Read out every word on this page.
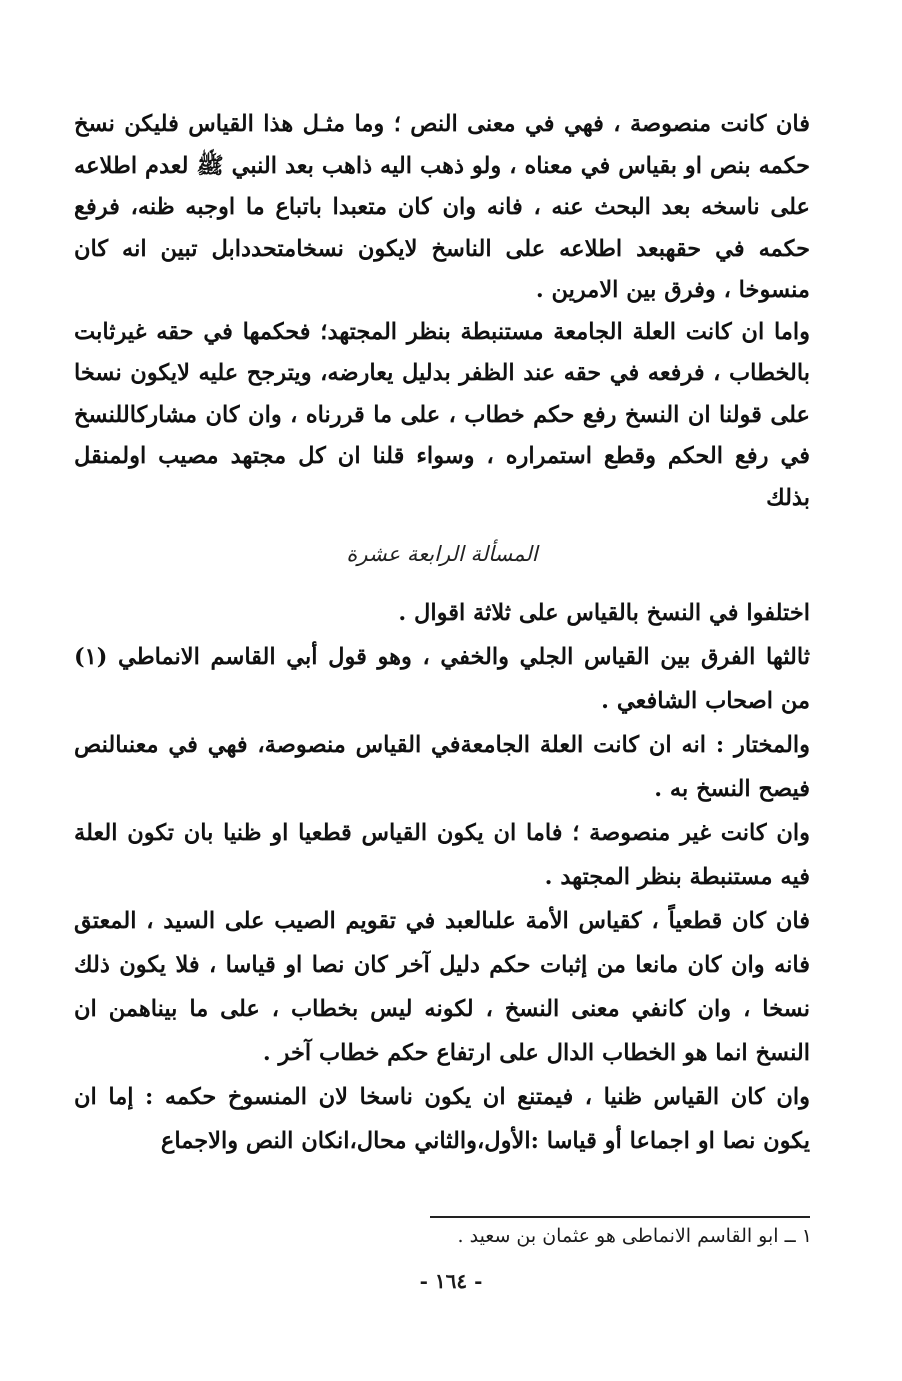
فان كانت منصوصة ، فهي في معنى النص ؛ وما مثـل هذا القياس فليكن نسخ حكمه بنص او بقياس في معناه ، ولو ذهب اليه ذاهب بعد النبي ﷺ لعدم اطلاعه على ناسخه بعد البحث عنه ، فانه وان كان متعبدا باتباع ما اوجبه ظنه، فرفع حكمه في حقهبعد اطلاعه على الناسخ لايكون نسخامتحددابل تبين انه كان منسوخا ، وفرق بين الامرين .

واما ان كانت العلة الجامعة مستنبطة بنظر المجتهد؛ فحكمها في حقه غيرثابت بالخطاب ، فرفعه في حقه عند الظفر بدليل يعارضه، ويترجح عليه لايكون نسخا على قولنا ان النسخ رفع حكم خطاب ، على ما قررناه ، وان كان مشاركاللنسخ في رفع الحكم وقطع استمراره ، وسواء قلنا ان كل مجتهد مصيب اولمنقل بذلك

المسألة الرابعة عشرة

اختلفوا في النسخ بالقياس على ثلاثة اقوال .

ثالثها الفرق بين القياس الجلي والخفي ، وهو قول أبي القاسم الانماطي (١) من اصحاب الشافعي .

والمختار : انه ان كانت العلة الجامعةفي القياس منصوصة، فهي في معنىالنص فيصح النسخ به .

وان كانت غير منصوصة ؛ فاما ان يكون القياس قطعيا او ظنيا بان تكون العلة فيه مستنبطة بنظر المجتهد .

فان كان قطعياً ، كقياس الأمة علىالعبد في تقويم الصيب على السيد ، المعتق فانه وان كان مانعا من إثبات حكم دليل آخر كان نصا او قياسا ، فلا يكون ذلك نسخا ، وان كانفي معنى النسخ ، لكونه ليس بخطاب ، على ما بيناهمن ان النسخ انما هو الخطاب الدال على ارتفاع حكم خطاب آخر .

وان كان القياس ظنيا ، فيمتنع ان يكون ناسخا لان المنسوخ حكمه : إما ان يكون نصا او اجماعا أو قياسا :الأول،والثاني محال،انكان النص والاجماع

١ ــ ابو القاسم الانماطى هو عثمان بن سعيد .
- ١٦٤ -
